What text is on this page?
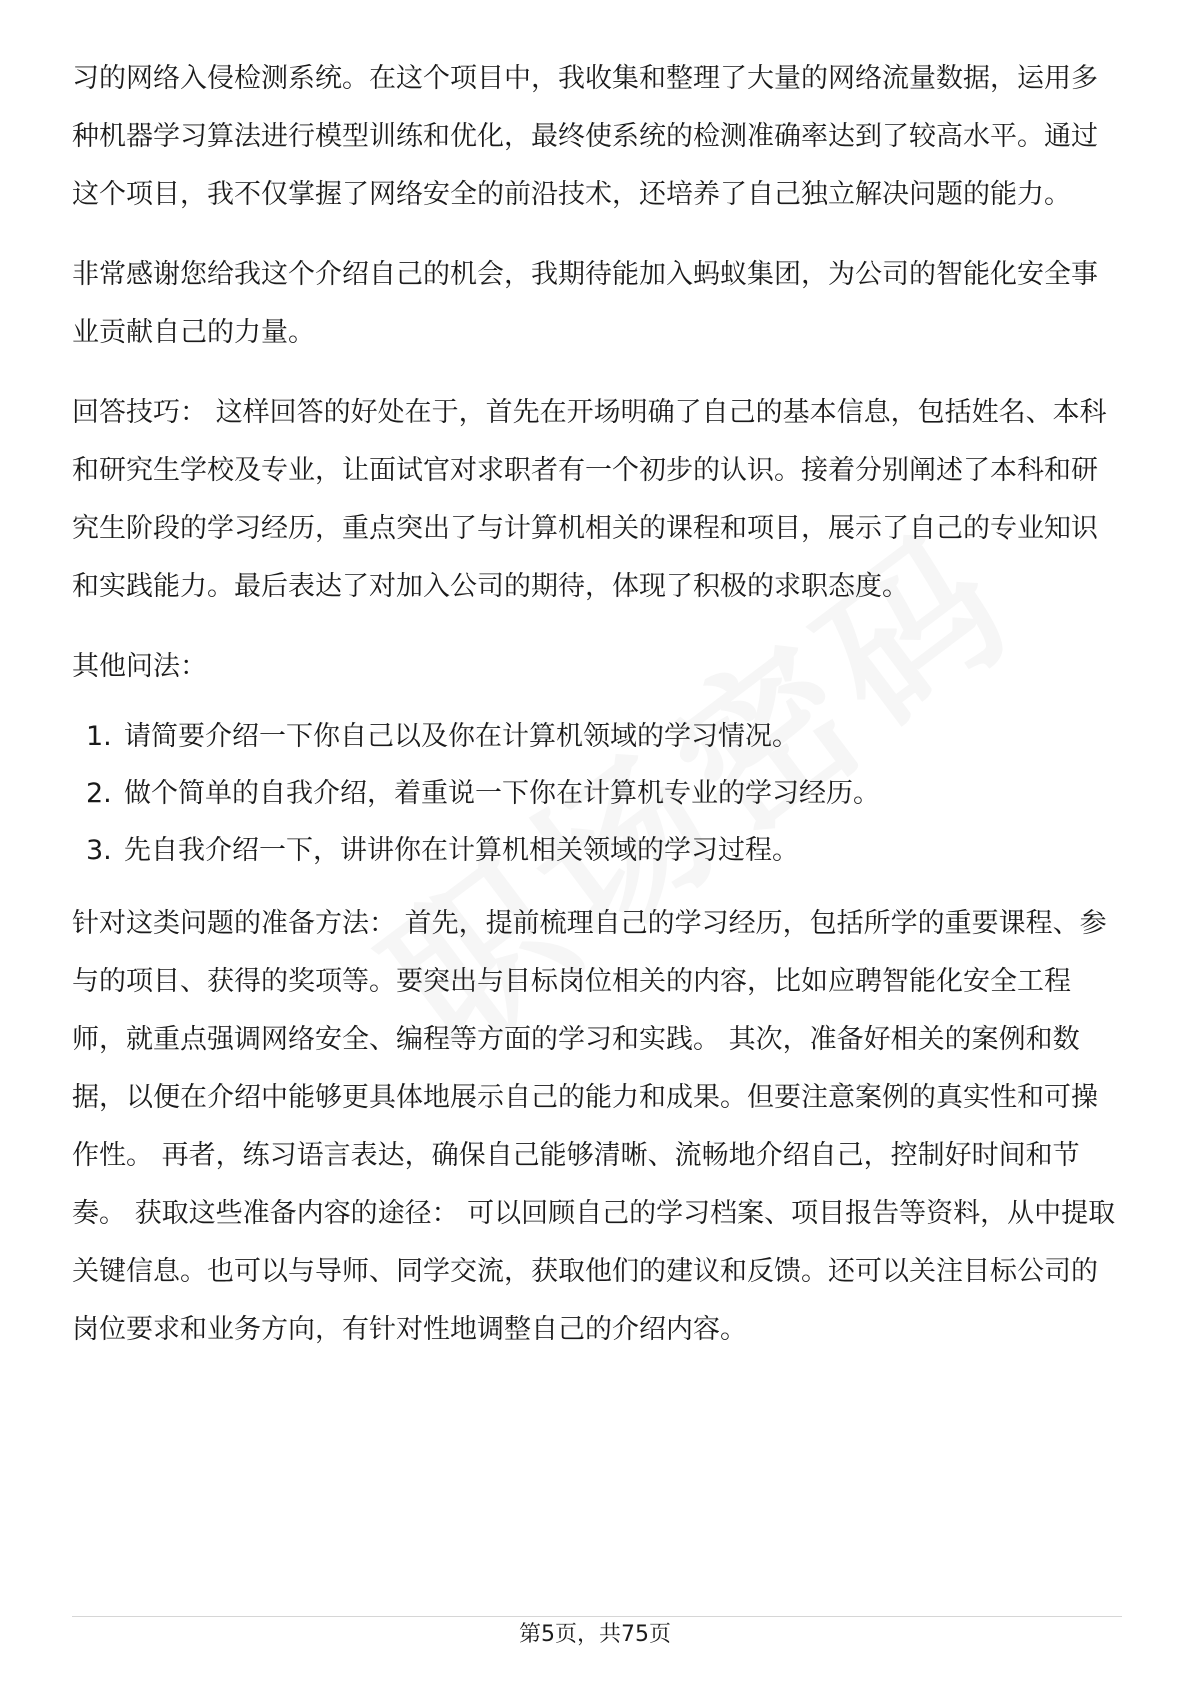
习的网络入侵检测系统。在这个项目中，我收集和整理了大量的网络流量数据，运用多种机器学习算法进行模型训练和优化，最终使系统的检测准确率达到了较高水平。通过这个项目，我不仅掌握了网络安全的前沿技术，还培养了自己独立解决问题的能力。

非常感谢您给我这个介绍自己的机会，我期待能加入蚂蚁集团，为公司的智能化安全事业贡献自己的力量。

回答技巧： 这样回答的好处在于，首先在开场明确了自己的基本信息，包括姓名、本科和研究生学校及专业，让面试官对求职者有一个初步的认识。接着分别阐述了本科和研究生阶段的学习经历，重点突出了与计算机相关的课程和项目，展示了自己的专业知识和实践能力。最后表达了对加入公司的期待，体现了积极的求职态度。

其他问法：

1. 请简要介绍一下你自己以及你在计算机领域的学习情况。
2. 做个简单的自我介绍，着重说一下你在计算机专业的学习经历。
3. 先自我介绍一下，讲讲你在计算机相关领域的学习过程。

针对这类问题的准备方法： 首先，提前梳理自己的学习经历，包括所学的重要课程、参与的项目、获得的奖项等。要突出与目标岗位相关的内容，比如应聘智能化安全工程师，就重点强调网络安全、编程等方面的学习和实践。 其次，准备好相关的案例和数据，以便在介绍中能够更具体地展示自己的能力和成果。但要注意案例的真实性和可操作性。 再者，练习语言表达，确保自己能够清晰、流畅地介绍自己，控制好时间和节奏。 获取这些准备内容的途径： 可以回顾自己的学习档案、项目报告等资料，从中提取关键信息。也可以与导师、同学交流，获取他们的建议和反馈。还可以关注目标公司的岗位要求和业务方向，有针对性地调整自己的介绍内容。

第5页，共75页
